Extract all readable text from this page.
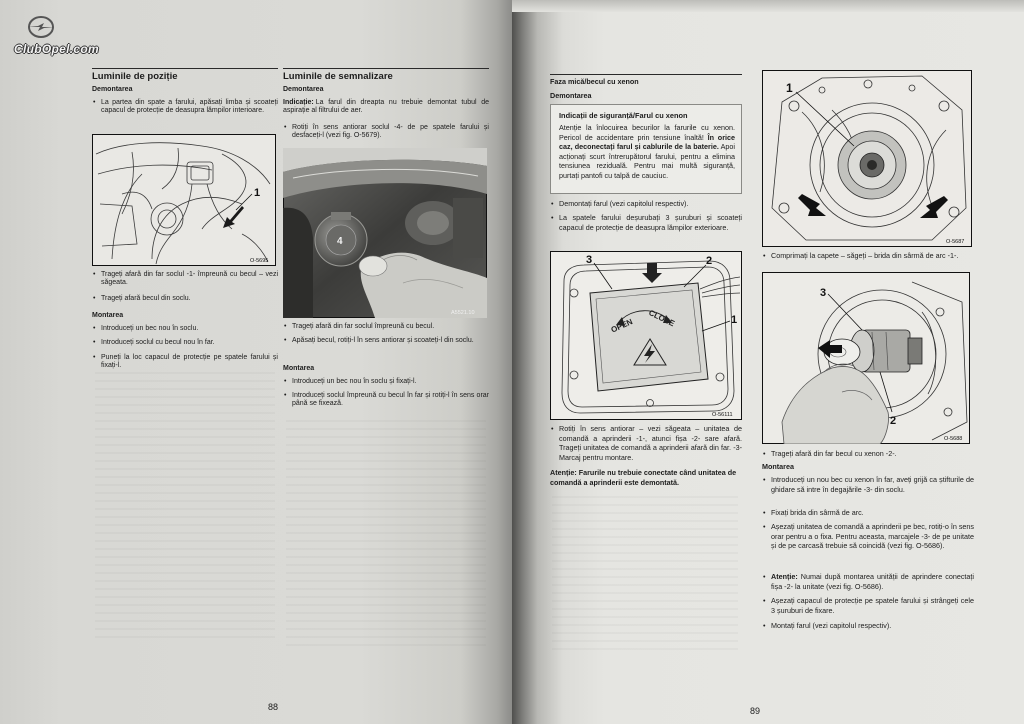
ClubOpel.com
Luminile de poziție
Demontarea
• La partea din spate a farului, apăsați limba și scoateți capacul de protecție de deasupra lămpilor interioare.
1
O-5695
• Trageți afară din far soclul -1- împreună cu becul – vezi săgeata.
• Trageți afară becul din soclu.
Montarea
• Introduceți un bec nou în soclu.
• Introduceți soclul cu becul nou în far.
• Puneți la loc capacul de protecție pe spatele farului și fixați-l.
Luminile de semnalizare
Demontarea
Indicație: La farul din dreapta nu trebuie demontat tubul de aspirație al filtrului de aer.
• Rotiți în sens antiorar soclul -4- de pe spatele farului și desfaceți-l (vezi fig. O-5679).
4
A5521.10
• Trageți afară din far soclul împreună cu becul.
• Apăsați becul, rotiți-l în sens antiorar și scoateți-l din soclu.
Montarea
• Introduceți un bec nou în soclu și fixați-l.
• Introduceți soclul împreună cu becul în far și rotiți-l în sens orar până se fixează.
88
Faza mică/becul cu xenon
Demontarea
Indicații de siguranță/Farul cu xenon
Atenție la înlocuirea becurilor la farurile cu xenon. Pericol de accidentare prin tensiune înaltă! În orice caz, deconectați farul și cablurile de la baterie. Apoi acționați scurt întrerupătorul farului, pentru a elimina tensiunea reziduală. Pentru mai multă siguranță, purtați pantofi cu talpă de cauciuc.
• Demontați farul (vezi capitolul respectiv).
• La spatele farului deșurubați 3 șuruburi și scoateți capacul de protecție de deasupra lămpilor exterioare.
OPEN CLOSE
3	2
1
O-56111
• Rotiți în sens antiorar – vezi săgeata – unitatea de comandă a aprinderii -1-, atunci fișa -2- sare afară. Trageți unitatea de comandă a aprinderii afară din far. -3- Marcaj pentru montare.
Atenție: Farurile nu trebuie conectate când unitatea de comandă a aprinderii este demontată.
1
O-5687
• Comprimați la capete – săgeți – brida din sârmă de arc -1-.
3
2
O-5688
• Trageți afară din far becul cu xenon -2-.
Montarea
• Introduceți un nou bec cu xenon în far, aveți grijă ca știfturile de ghidare să intre în degajările -3- din soclu.
• Fixați brida din sârmă de arc.
• Așezați unitatea de comandă a aprinderii pe bec, rotiți-o în sens orar pentru a o fixa. Pentru aceasta, marcajele -3- de pe unitate și de pe carcasă trebuie să coincidă (vezi fig. O-5686).
• Atenție: Numai după montarea unității de aprindere conectați fișa -2- la unitate (vezi fig. O-5686).
• Așezați capacul de protecție pe spatele farului și strângeți cele 3 șuruburi de fixare.
• Montați farul (vezi capitolul respectiv).
89
